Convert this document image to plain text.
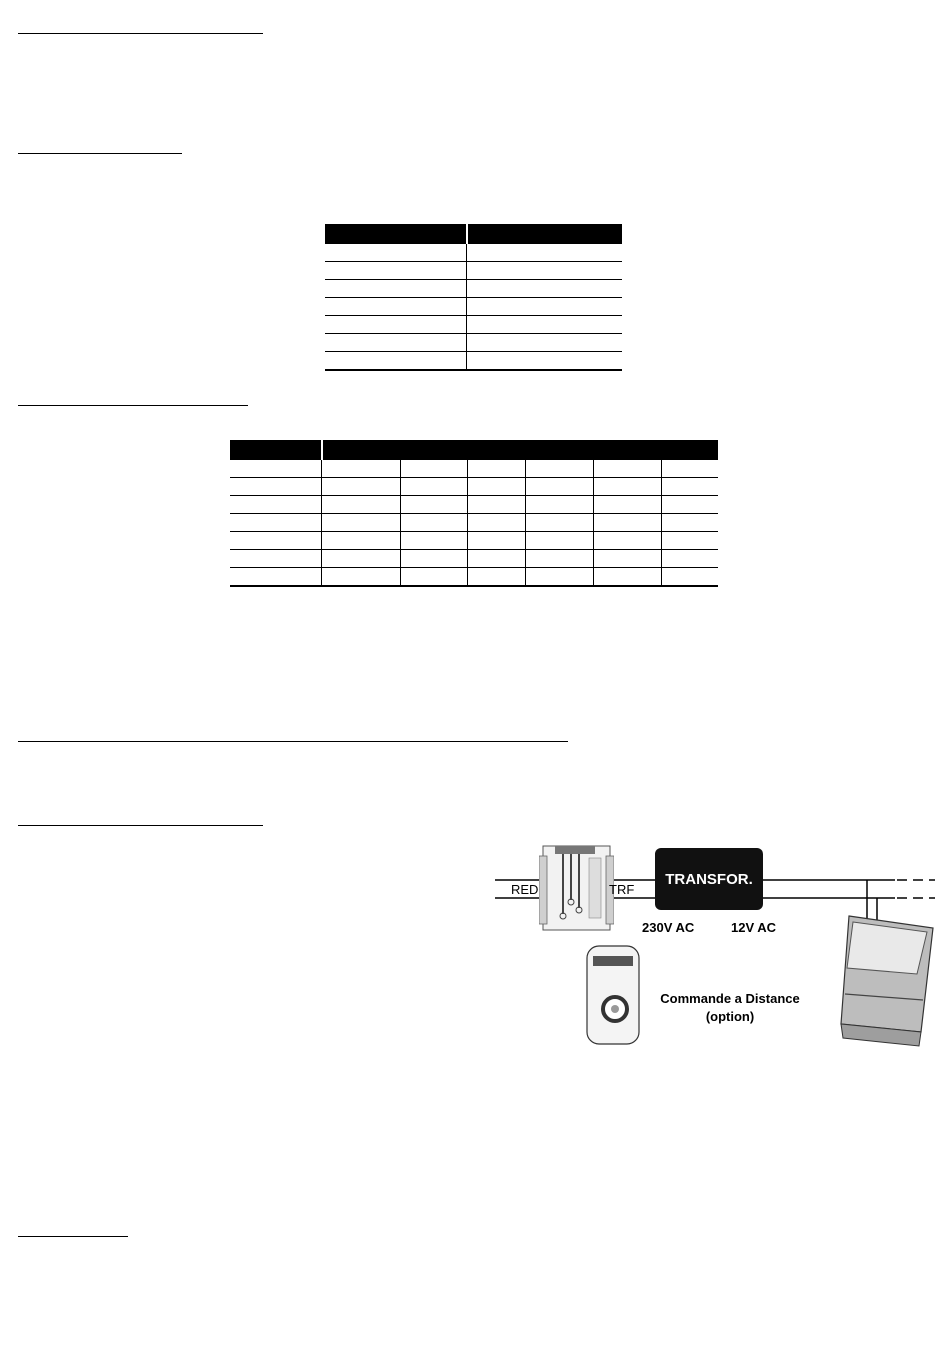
RED	TRF
TRANSFOR.
230V AC	12V AC
Commande a Distance
(option)
